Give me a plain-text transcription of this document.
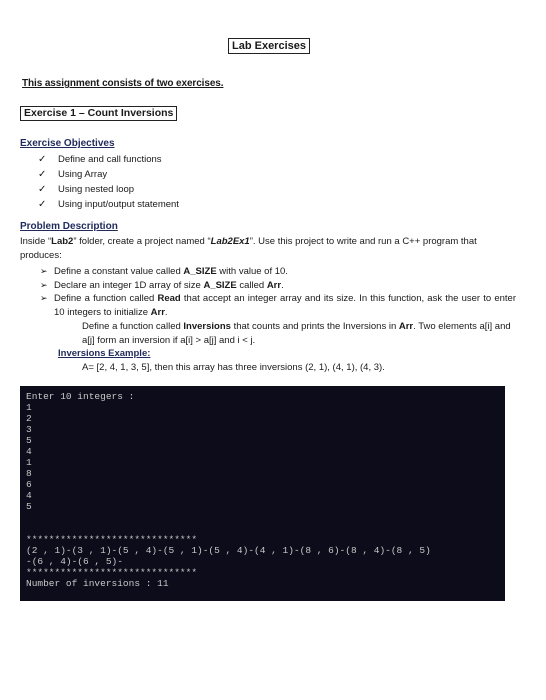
Lab Exercises
This assignment consists of two exercises.
Exercise 1 – Count Inversions
Exercise Objectives
✓	Define and call functions
✓	Using Array
✓	Using nested loop
✓	Using input/output statement
Problem Description
Inside “Lab2” folder, create a project named “Lab2Ex1”. Use this project to write and run a C++ program that produces:
➢ Define a constant value called A_SIZE with value of 10.
➢ Declare an integer 1D array of size A_SIZE called Arr.
➢ Define a function called Read that accept an integer array and its size. In this function, ask the user to enter 10 integers to initialize Arr.
Define a function called Inversions that counts and prints the Inversions in Arr. Two elements a[i] and a[j] form an inversion if a[i] > a[j] and i < j.
Inversions Example:
A= [2, 4, 1, 3, 5], then this array has three inversions (2, 1), (4, 1), (4, 3).
Enter 10 integers :
1
2
3
5
4
1
8
6
4
5

******************************
(2 , 1)-(3 , 1)-(5 , 4)-(5 , 1)-(5 , 4)-(4 , 1)-(8 , 6)-(8 , 4)-(8 , 5)
-(6 , 4)-(6 , 5)-
******************************
Number of inversions : 11
